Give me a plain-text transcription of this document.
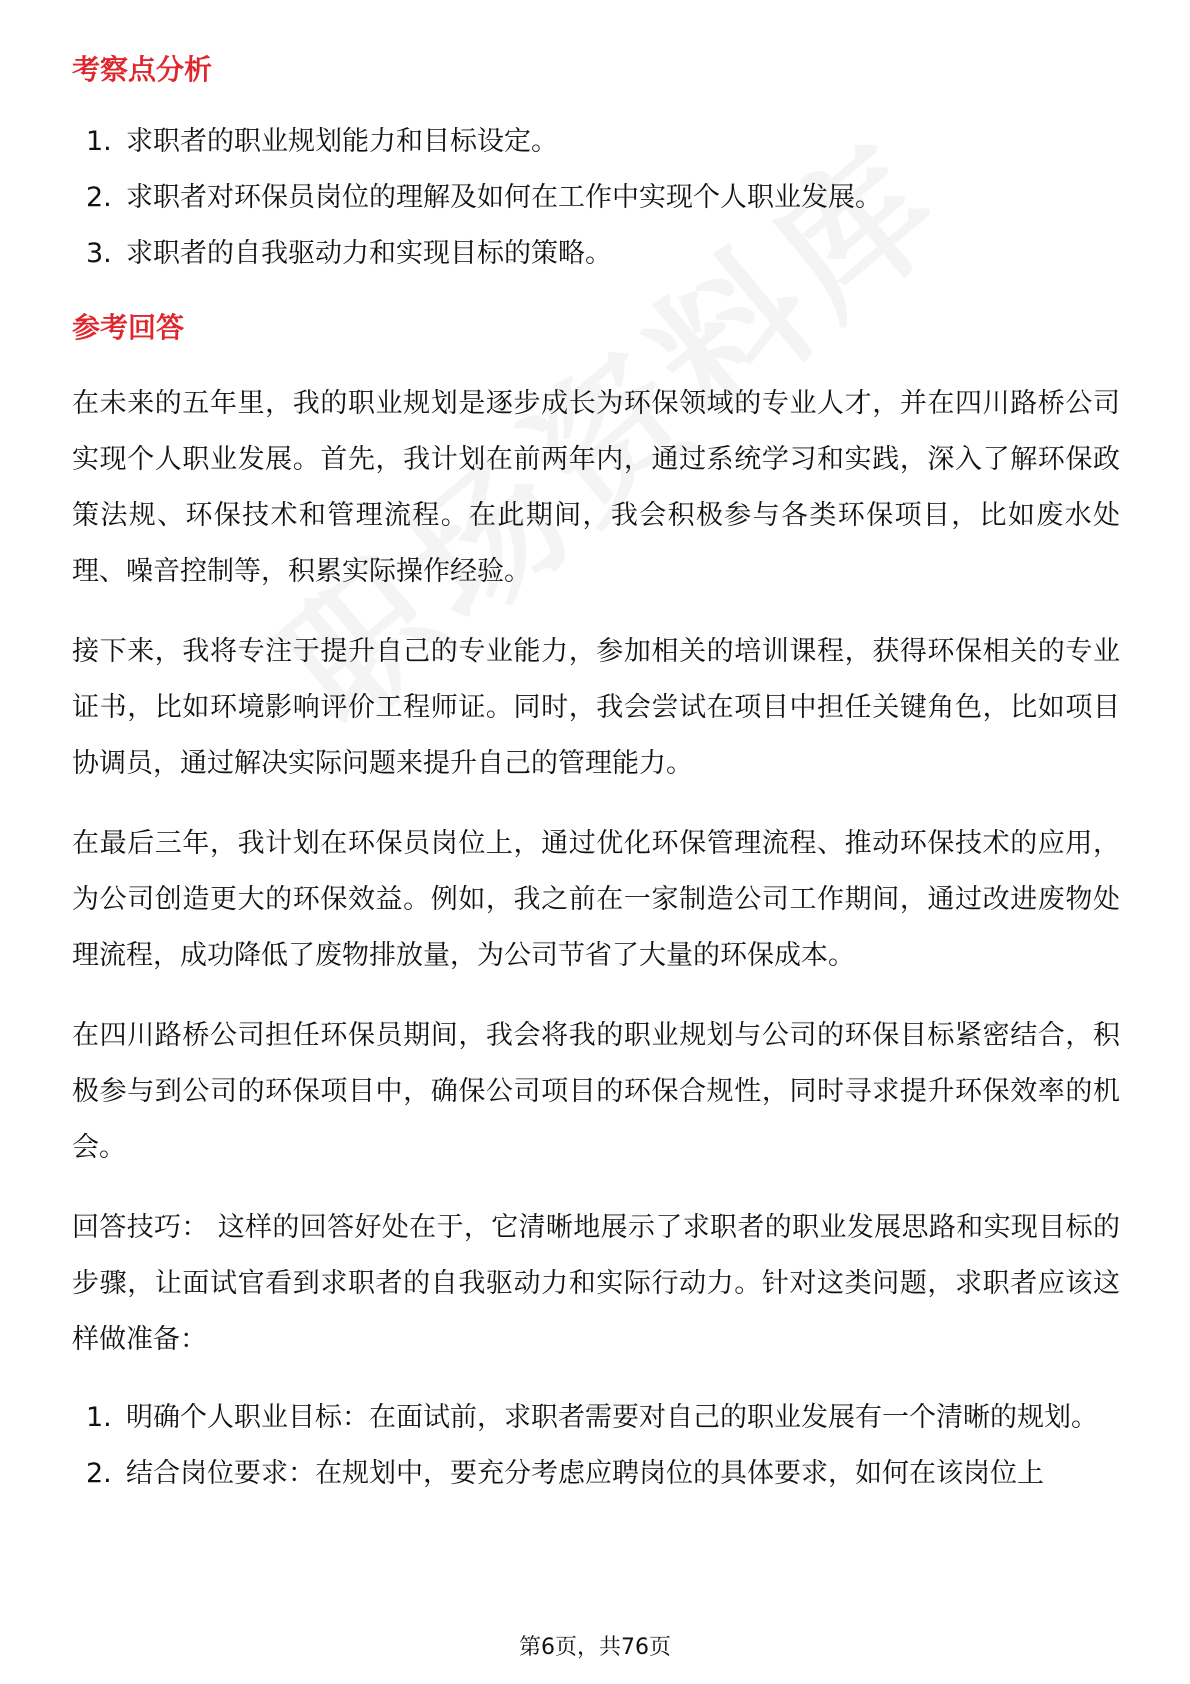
考察点分析
1. 求职者的职业规划能力和目标设定。
2. 求职者对环保员岗位的理解及如何在工作中实现个人职业发展。
3. 求职者的自我驱动力和实现目标的策略。
参考回答

在未来的五年里，我的职业规划是逐步成长为环保领域的专业人才，并在四川路桥公司实现个人职业发展。首先，我计划在前两年内，通过系统学习和实践，深入了解环保政策法规、环保技术和管理流程。在此期间，我会积极参与各类环保项目，比如废水处理、噪音控制等，积累实际操作经验。

接下来，我将专注于提升自己的专业能力，参加相关的培训课程，获得环保相关的专业证书，比如环境影响评价工程师证。同时，我会尝试在项目中担任关键角色，比如项目协调员，通过解决实际问题来提升自己的管理能力。

在最后三年，我计划在环保员岗位上，通过优化环保管理流程、推动环保技术的应用，为公司创造更大的环保效益。例如，我之前在一家制造公司工作期间，通过改进废物处理流程，成功降低了废物排放量，为公司节省了大量的环保成本。

在四川路桥公司担任环保员期间，我会将我的职业规划与公司的环保目标紧密结合，积极参与到公司的环保项目中，确保公司项目的环保合规性，同时寻求提升环保效率的机会。

回答技巧： 这样的回答好处在于，它清晰地展示了求职者的职业发展思路和实现目标的步骤，让面试官看到求职者的自我驱动力和实际行动力。针对这类问题，求职者应该这样做准备：

1. 明确个人职业目标：在面试前，求职者需要对自己的职业发展有一个清晰的规划。
2. 结合岗位要求：在规划中，要充分考虑应聘岗位的具体要求，如何在该岗位上
第6页，共76页
